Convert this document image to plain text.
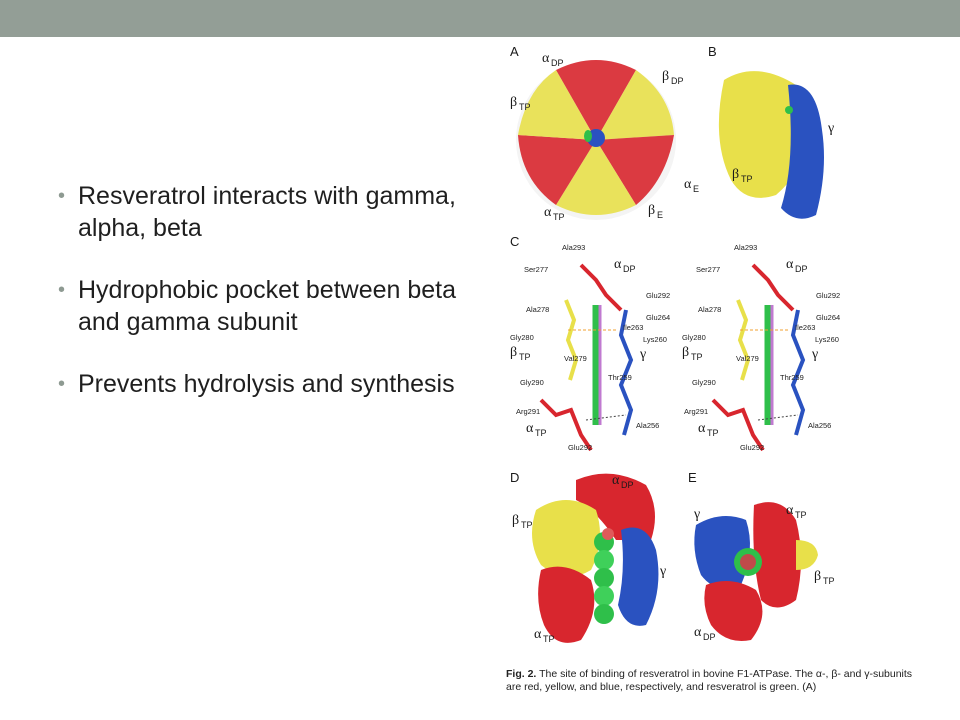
• Resveratrol interacts with gamma, alpha, beta
• Hydrophobic pocket between beta and gamma subunit
• Prevents hydrolysis and synthesis
A α DP
β DP
β TP
α E
α TP	β E
B
γ
β TP
C	Ala293
Ser277
Ala278
Gly280
Val279
Gly290
Arg291
Glu292
Glu292
Glu264
Ile263
Lys260
Thr259
Ala256
α DP
β TP	γ
α TP
Ala293
Ser277
Ala278
Gly280
Val279
Gly290
Arg291
Glu292
Glu292
Glu264
Ile263
Lys260
Thr259
Ala256
α DP
β TP	γ
α TP
D	α DP
β TP
γ
α TP
E
γ	α TP
β TP
α DP
Fig. 2. The site of binding of resveratrol in bovine F1-ATPase. The α-, β- and γ-subunits are red, yellow, and blue, respectively, and resveratrol is green. (A)
